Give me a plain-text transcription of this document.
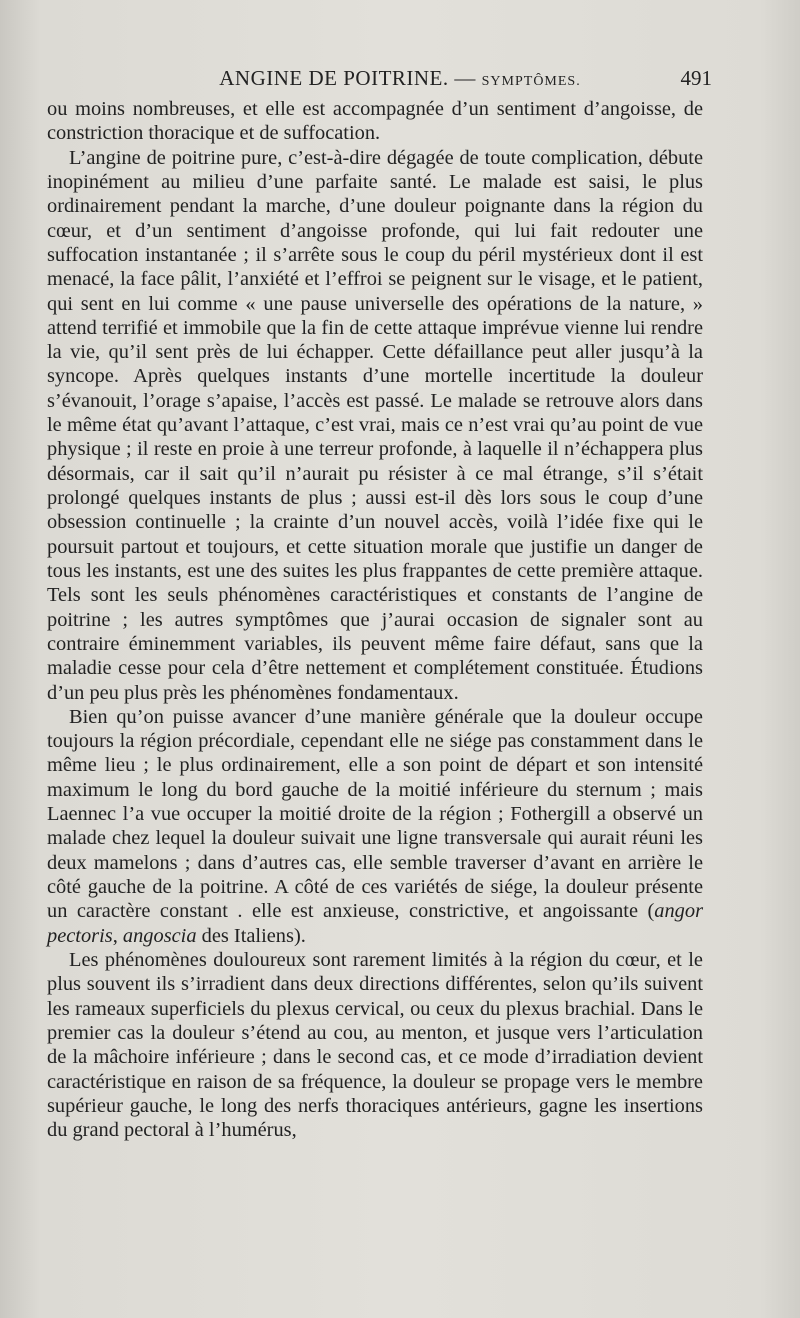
ANGINE DE POITRINE. — SYMPTÔMES.	491

ou moins nombreuses, et elle est accompagnée d’un sentiment d’angoisse, de constriction thoracique et de suffocation.

L’angine de poitrine pure, c’est-à-dire dégagée de toute complication, débute inopinément au milieu d’une parfaite santé. Le malade est saisi, le plus ordinairement pendant la marche, d’une douleur poignante dans la région du cœur, et d’un sentiment d’angoisse profonde, qui lui fait redouter une suffocation instantanée ; il s’arrête sous le coup du péril mystérieux dont il est menacé, la face pâlit, l’anxiété et l’effroi se peignent sur le visage, et le patient, qui sent en lui comme « une pause universelle des opérations de la nature, » attend terrifié et immobile que la fin de cette attaque imprévue vienne lui rendre la vie, qu’il sent près de lui échapper. Cette défaillance peut aller jusqu’à la syncope. Après quelques instants d’une mortelle incertitude la douleur s’évanouit, l’orage s’apaise, l’accès est passé. Le malade se retrouve alors dans le même état qu’avant l’attaque, c’est vrai, mais ce n’est vrai qu’au point de vue physique ; il reste en proie à une terreur profonde, à laquelle il n’échappera plus désormais, car il sait qu’il n’aurait pu résister à ce mal étrange, s’il s’était prolongé quelques instants de plus ; aussi est-il dès lors sous le coup d’une obsession continuelle ; la crainte d’un nouvel accès, voilà l’idée fixe qui le poursuit partout et toujours, et cette situation morale que justifie un danger de tous les instants, est une des suites les plus frappantes de cette première attaque. Tels sont les seuls phénomènes caractéristiques et constants de l’angine de poitrine ; les autres symptômes que j’aurai occasion de signaler sont au contraire éminemment variables, ils peuvent même faire défaut, sans que la maladie cesse pour cela d’être nettement et complétement constituée. Étudions d’un peu plus près les phénomènes fondamentaux.

Bien qu’on puisse avancer d’une manière générale que la douleur occupe toujours la région précordiale, cependant elle ne siége pas constamment dans le même lieu ; le plus ordinairement, elle a son point de départ et son intensité maximum le long du bord gauche de la moitié inférieure du sternum ; mais Laennec l’a vue occuper la moitié droite de la région ; Fothergill a observé un malade chez lequel la douleur suivait une ligne transversale qui aurait réuni les deux mamelons ; dans d’autres cas, elle semble traverser d’avant en arrière le côté gauche de la poitrine. A côté de ces variétés de siége, la douleur présente un caractère constant . elle est anxieuse, constrictive, et angoissante (angor pectoris, angoscia des Italiens).

Les phénomènes douloureux sont rarement limités à la région du cœur, et le plus souvent ils s’irradient dans deux directions différentes, selon qu’ils suivent les rameaux superficiels du plexus cervical, ou ceux du plexus brachial. Dans le premier cas la douleur s’étend au cou, au menton, et jusque vers l’articulation de la mâchoire inférieure ; dans le second cas, et ce mode d’irradiation devient caractéristique en raison de sa fréquence, la douleur se propage vers le membre supérieur gauche, le long des nerfs thoraciques antérieurs, gagne les insertions du grand pectoral à l’humérus,
